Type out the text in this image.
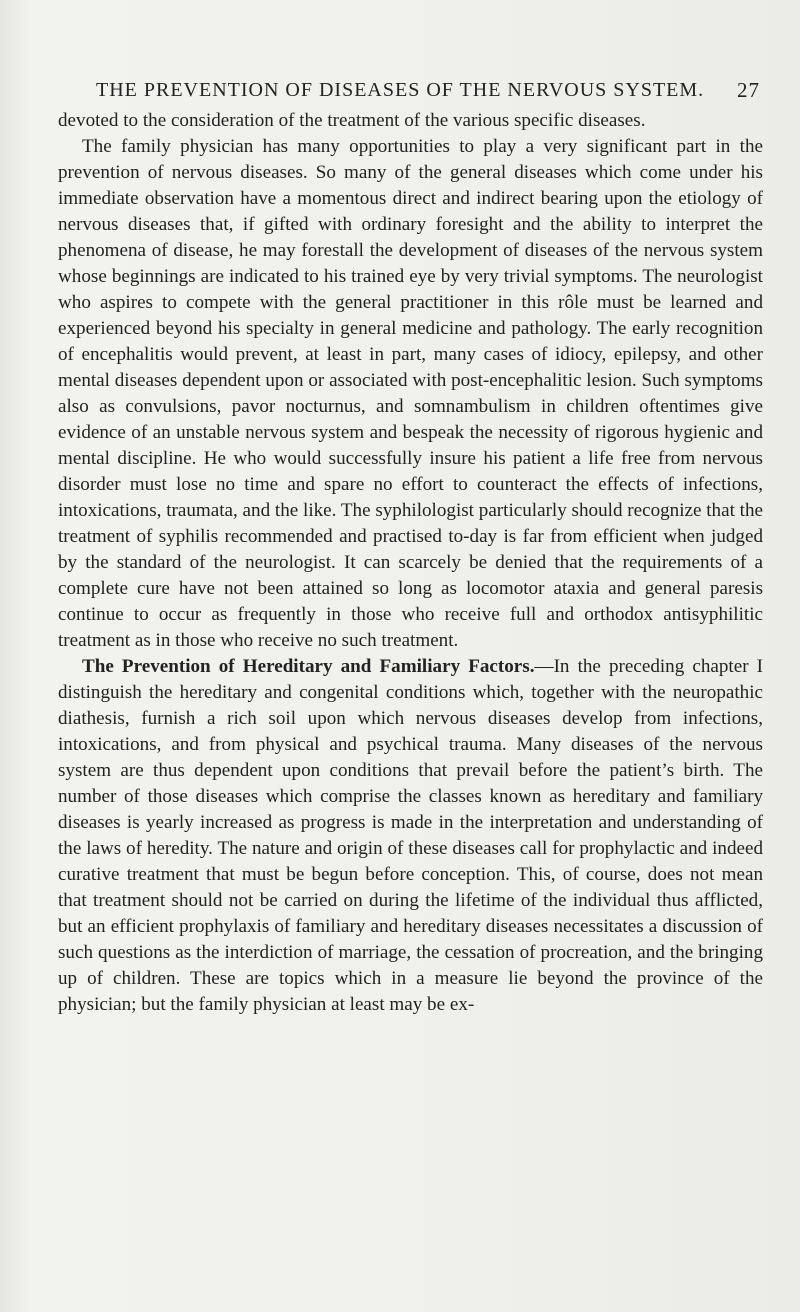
THE PREVENTION OF DISEASES OF THE NERVOUS SYSTEM. 27

devoted to the consideration of the treatment of the various specific diseases.

The family physician has many opportunities to play a very significant part in the prevention of nervous diseases. So many of the general diseases which come under his immediate observation have a momentous direct and indirect bearing upon the etiology of nervous diseases that, if gifted with ordinary foresight and the ability to interpret the phenomena of disease, he may forestall the development of diseases of the nervous system whose beginnings are indicated to his trained eye by very trivial symptoms. The neurologist who aspires to compete with the general practitioner in this rôle must be learned and experienced beyond his specialty in general medicine and pathology. The early recognition of encephalitis would prevent, at least in part, many cases of idiocy, epilepsy, and other mental diseases dependent upon or associated with post-encephalitic lesion. Such symptoms also as convulsions, pavor nocturnus, and somnambulism in children oftentimes give evidence of an unstable nervous system and bespeak the necessity of rigorous hygienic and mental discipline. He who would successfully insure his patient a life free from nervous disorder must lose no time and spare no effort to counteract the effects of infections, intoxications, traumata, and the like. The syphilologist particularly should recognize that the treatment of syphilis recommended and practised to-day is far from efficient when judged by the standard of the neurologist. It can scarcely be denied that the requirements of a complete cure have not been attained so long as locomotor ataxia and general paresis continue to occur as frequently in those who receive full and orthodox antisyphilitic treatment as in those who receive no such treatment.

The Prevention of Hereditary and Familiary Factors.—In the preceding chapter I distinguish the hereditary and congenital conditions which, together with the neuropathic diathesis, furnish a rich soil upon which nervous diseases develop from infections, intoxications, and from physical and psychical trauma. Many diseases of the nervous system are thus dependent upon conditions that prevail before the patient’s birth. The number of those diseases which comprise the classes known as hereditary and familiary diseases is yearly increased as progress is made in the interpretation and understanding of the laws of heredity. The nature and origin of these diseases call for prophylactic and indeed curative treatment that must be begun before conception. This, of course, does not mean that treatment should not be carried on during the lifetime of the individual thus afflicted, but an efficient prophylaxis of familiary and hereditary diseases necessitates a discussion of such questions as the interdiction of marriage, the cessation of procreation, and the bringing up of children. These are topics which in a measure lie beyond the province of the physician; but the family physician at least may be ex-
